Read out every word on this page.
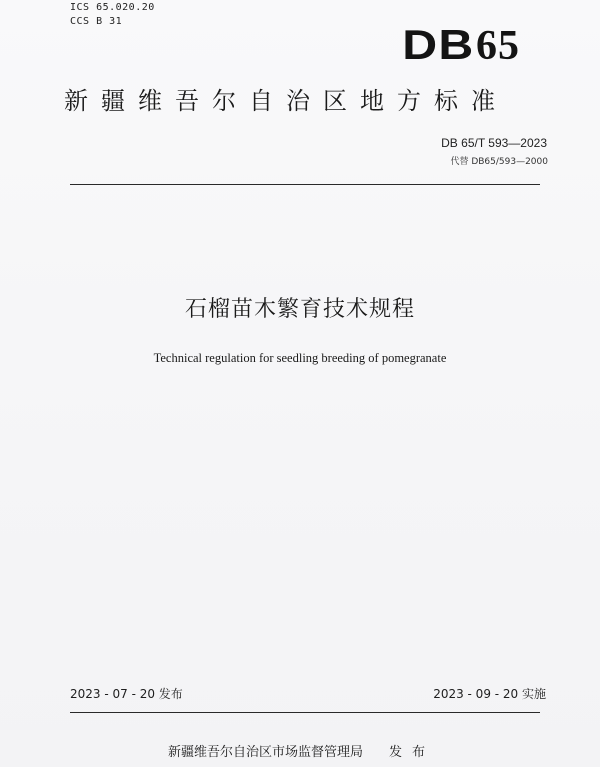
ICS 65.020.20
CCS B 31	DB65
新疆维吾尔自治区地方标准
DB 65/T 593—2023
代替 DB65/593—2000
石榴苗木繁育技术规程
Technical regulation for seedling breeding of pomegranate
2023 - 07 - 20 发布	2023 - 09 - 20 实施
新疆维吾尔自治区市场监督管理局 发布
